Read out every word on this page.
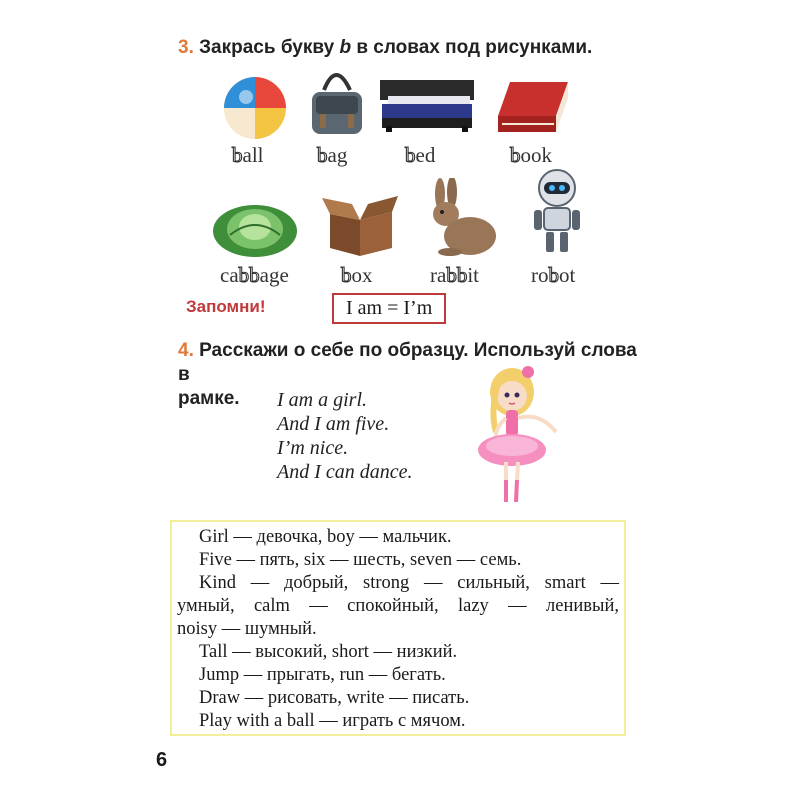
3. Закрась букву b в словах под рисунками.
ball	bag	bed	book
cabbage box	rabbit robot
Запомни!	I am = I’m
4. Расскажи о себе по образцу. Используй слова в
рамке.	I am a girl.
And I am five.
I’m nice.
And I can dance.

Girl — девочка, boy — мальчик.

Five — пять, six — шесть, seven — семь.

Kind — добрый, strong — сильный, smart —

умный, calm — спокойный, lazy — ленивый,

noisy — шумный.

Tall — высокий, short — низкий.

Jump — прыгать, run — бегать.

Draw — рисовать, write — писать.

Play with a ball — играть с мячом.

6
